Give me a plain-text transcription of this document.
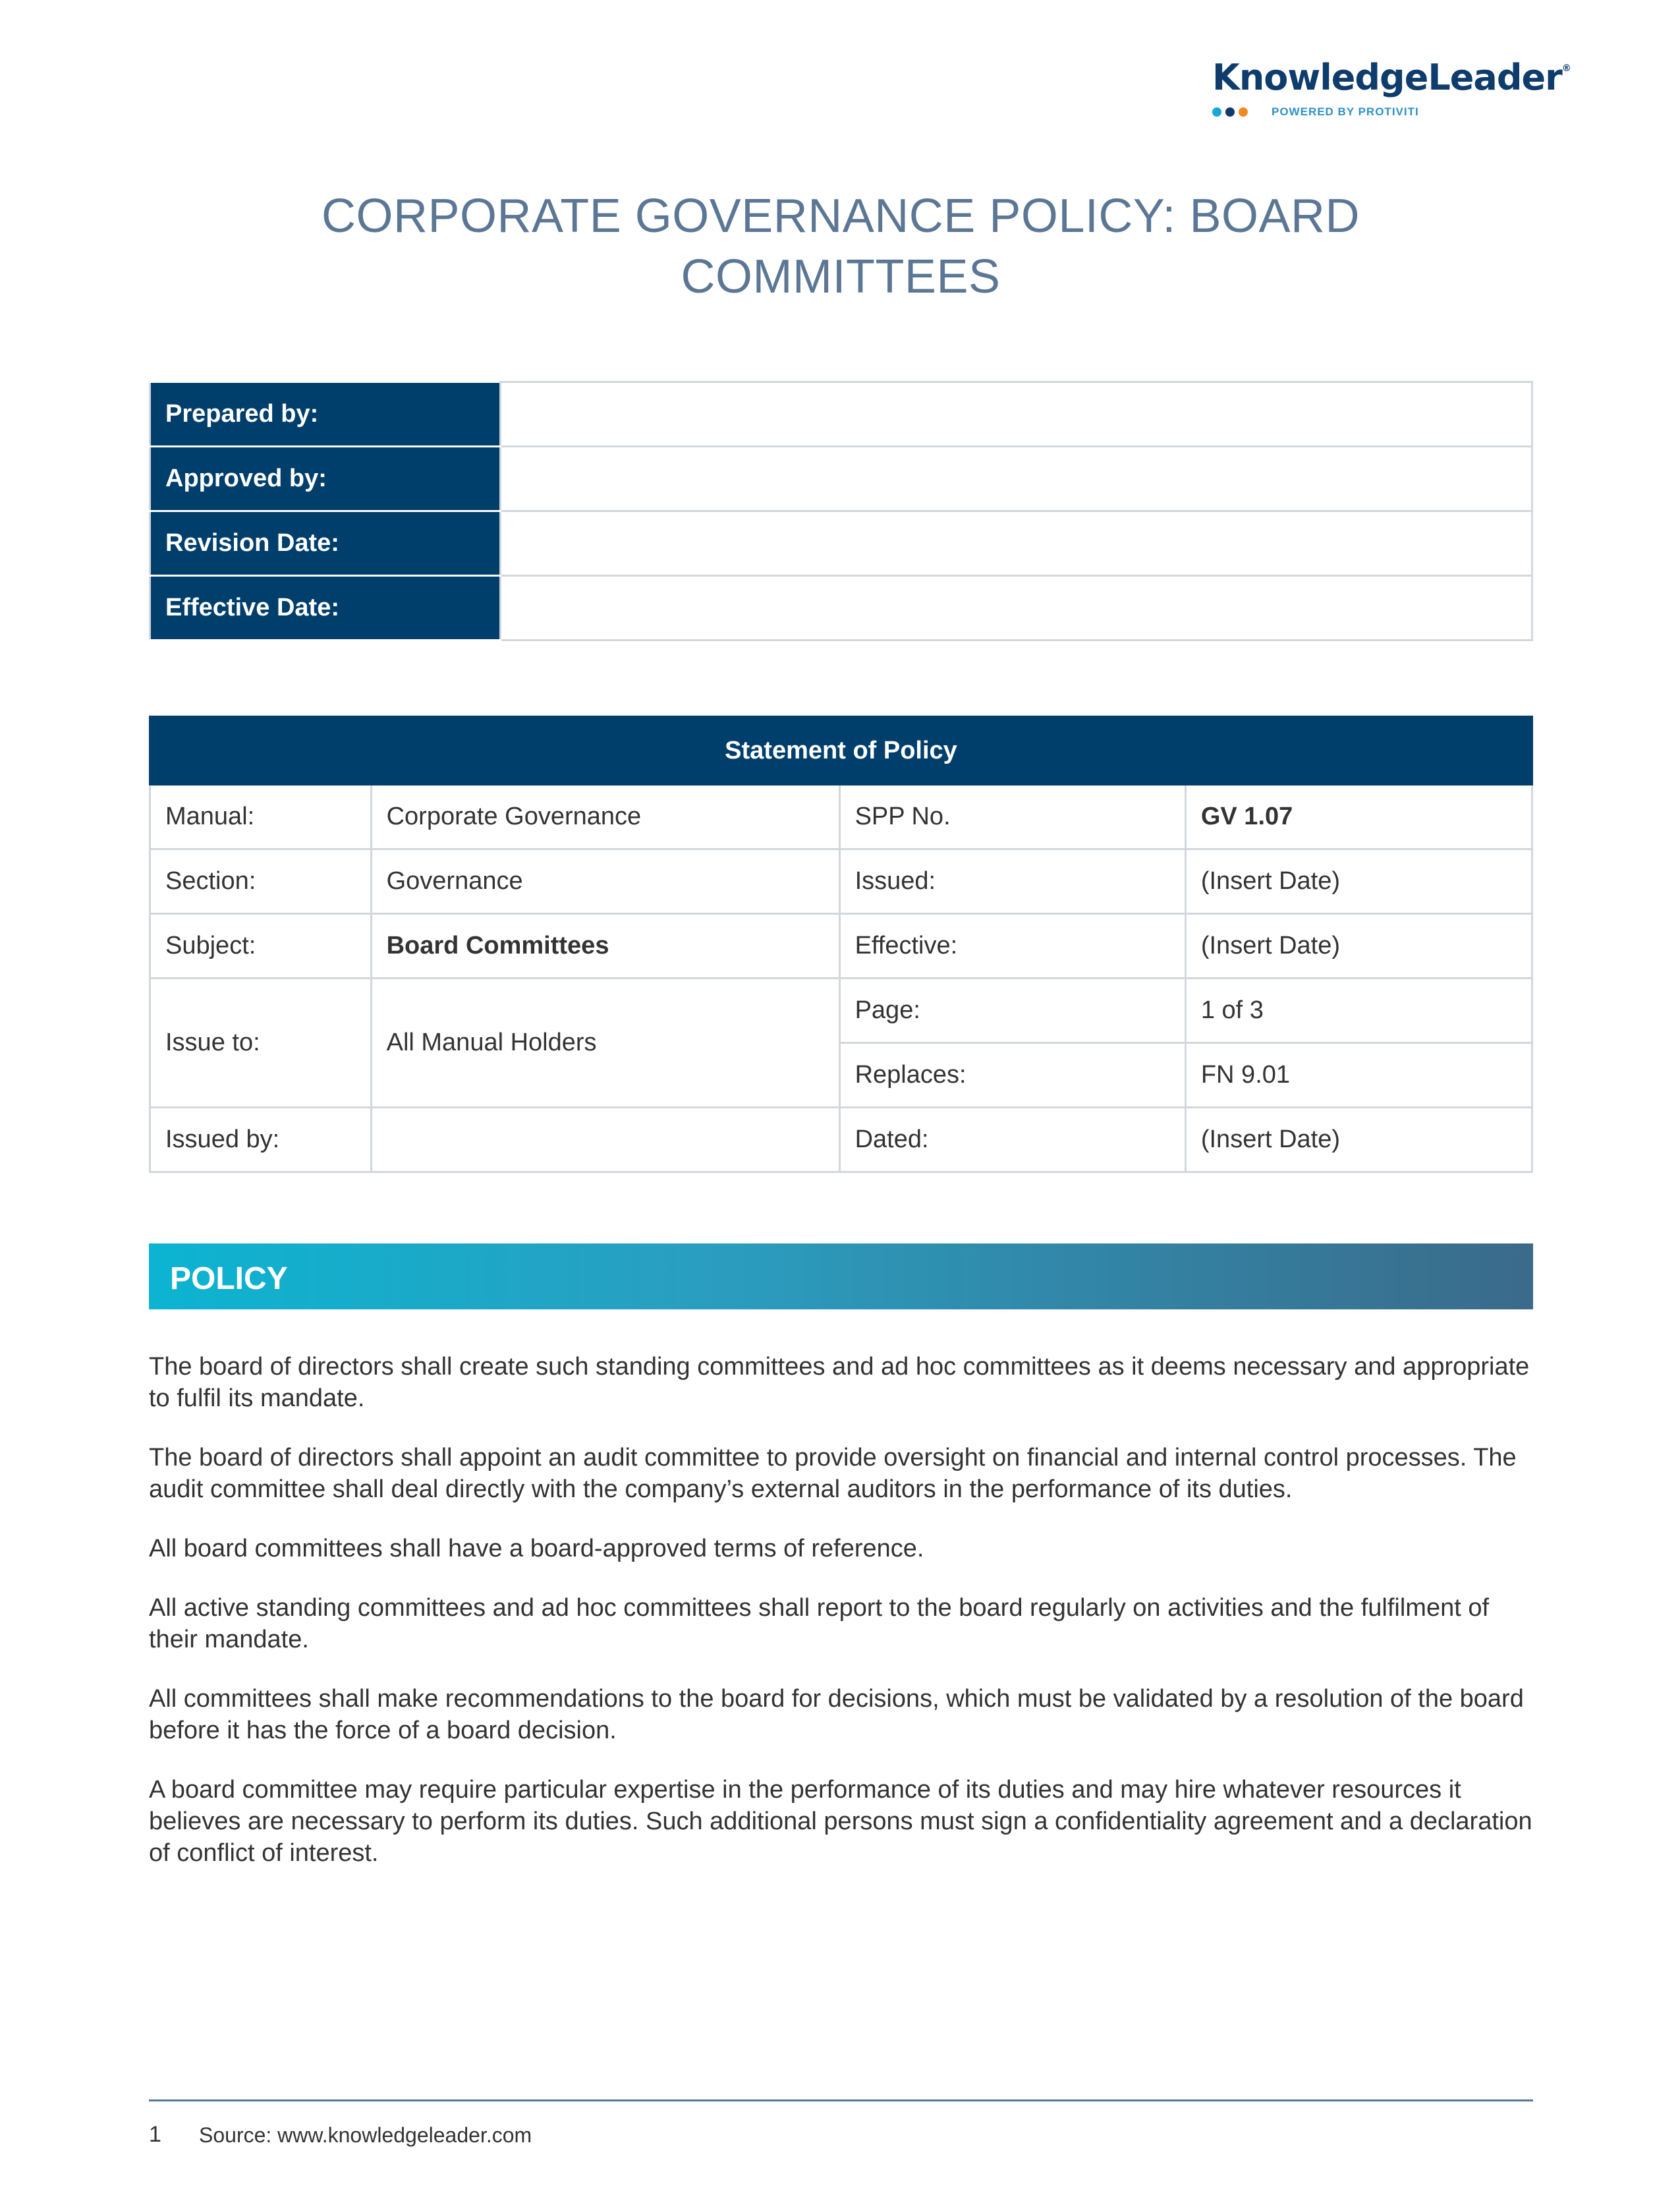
KnowledgeLeader®
POWERED BY PROTIVITI
CORPORATE GOVERNANCE POLICY: BOARD
COMMITTEES
Prepared by:	
Approved by:	
Revision Date:	
Effective Date:	
Statement of Policy			
Manual:	Corporate Governance	SPP No.	GV 1.07
Section:	Governance	Issued:	(Insert Date)
Subject:	Board Committees	Effective:	(Insert Date)
Issue to:	All Manual Holders	Page:	1 of 3
		Replaces:	FN 9.01
Issued by:		Dated:	(Insert Date)
POLICY

The board of directors shall create such standing committees and ad hoc committees as it deems necessary and appropriate to fulfil its mandate.

The board of directors shall appoint an audit committee to provide oversight on financial and internal control processes. The audit committee shall deal directly with the company’s external auditors in the performance of its duties.

All board committees shall have a board-approved terms of reference.

All active standing committees and ad hoc committees shall report to the board regularly on activities and the fulfilment of their mandate.

All committees shall make recommendations to the board for decisions, which must be validated by a resolution of the board before it has the force of a board decision.

A board committee may require particular expertise in the performance of its duties and may hire whatever resources it believes are necessary to perform its duties. Such additional persons must sign a confidentiality agreement and a declaration of conflict of interest.

1 Source: www.knowledgeleader.com
